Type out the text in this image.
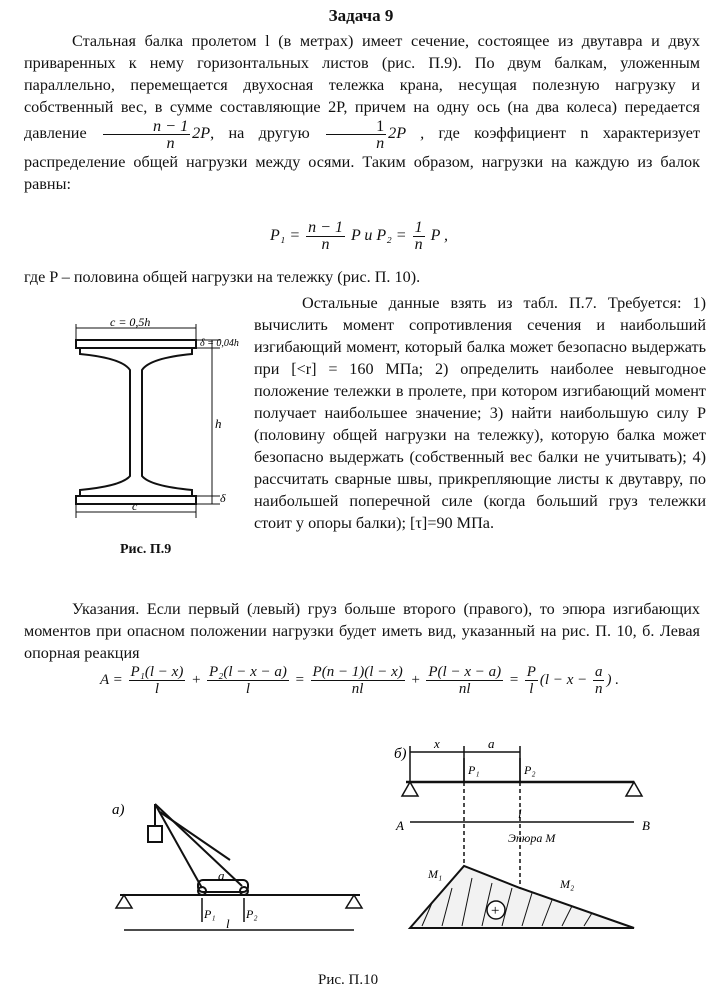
Задача 9
Стальная балка пролетом l (в метрах) имеет сечение, состоящее из двутавра и двух приваренных к нему горизонтальных листов (рис. П.9). По двум балкам, уложенным параллельно, перемещается двухосная тележка крана, несущая полезную нагрузку и собственный вес, в сумме составляющие 2P, причем на одну ось (на два колеса) передается давление $\frac{n - 1}{n} 2P$, на другую $\frac{1}{n} 2P$ , где коэффициент n характеризует распределение общей нагрузки между осями. Таким образом, нагрузки на каждую из балок равны:
$P_1 = \frac{n - 1}{n}$ P и $P_2 = \frac{1}{n}$ P ,
где P – половина общей нагрузки на тележку (рис. П. 10).
c = 0,5h
δ = 0,04h
h
δ
c
Рис. П.9
Остальные данные взять из табл. П.7. Требуется: 1) вычислить момент сопротивления сечения и наибольший изгибающий момент, который балка может безопасно выдержать при [<r] = 160 МПа; 2) определить наиболее невыгодное положение тележки в пролете, при котором изгибающий момент получает наибольшее значение; 3) найти наибольшую силу P (половину общей нагрузки на тележку), которую балка может безопасно выдержать (собственный вес балки не учитывать); 4) рассчитать сварные швы, прикрепляющие листы к двутавру, по наибольшей поперечной силе (когда больший груз тележки стоит у опоры балки); [τ]=90 МПа.
Указания. Если первый (левый) груз больше второго (правого), то эпюра изгибающих моментов при опасном положении нагрузки будет иметь вид, указанный на рис. П. 10, б. Левая опорная реакция
$A = \frac{\text{P₁(l − x)}}{l} + \frac{\text{P₂(l − x − a)}}{l} = \frac{P(n - 1)(l - x)}{nl} + \frac{P(l - x - a)}{nl} = \frac{P}{l} (l - x - \frac{a}{n}$ ) .
а)
P₁	P₂
a
l
б)
+
x	a
P₁	P₂
A	B
l
Эпюра М
M₁
M₂
Рис. П.10
